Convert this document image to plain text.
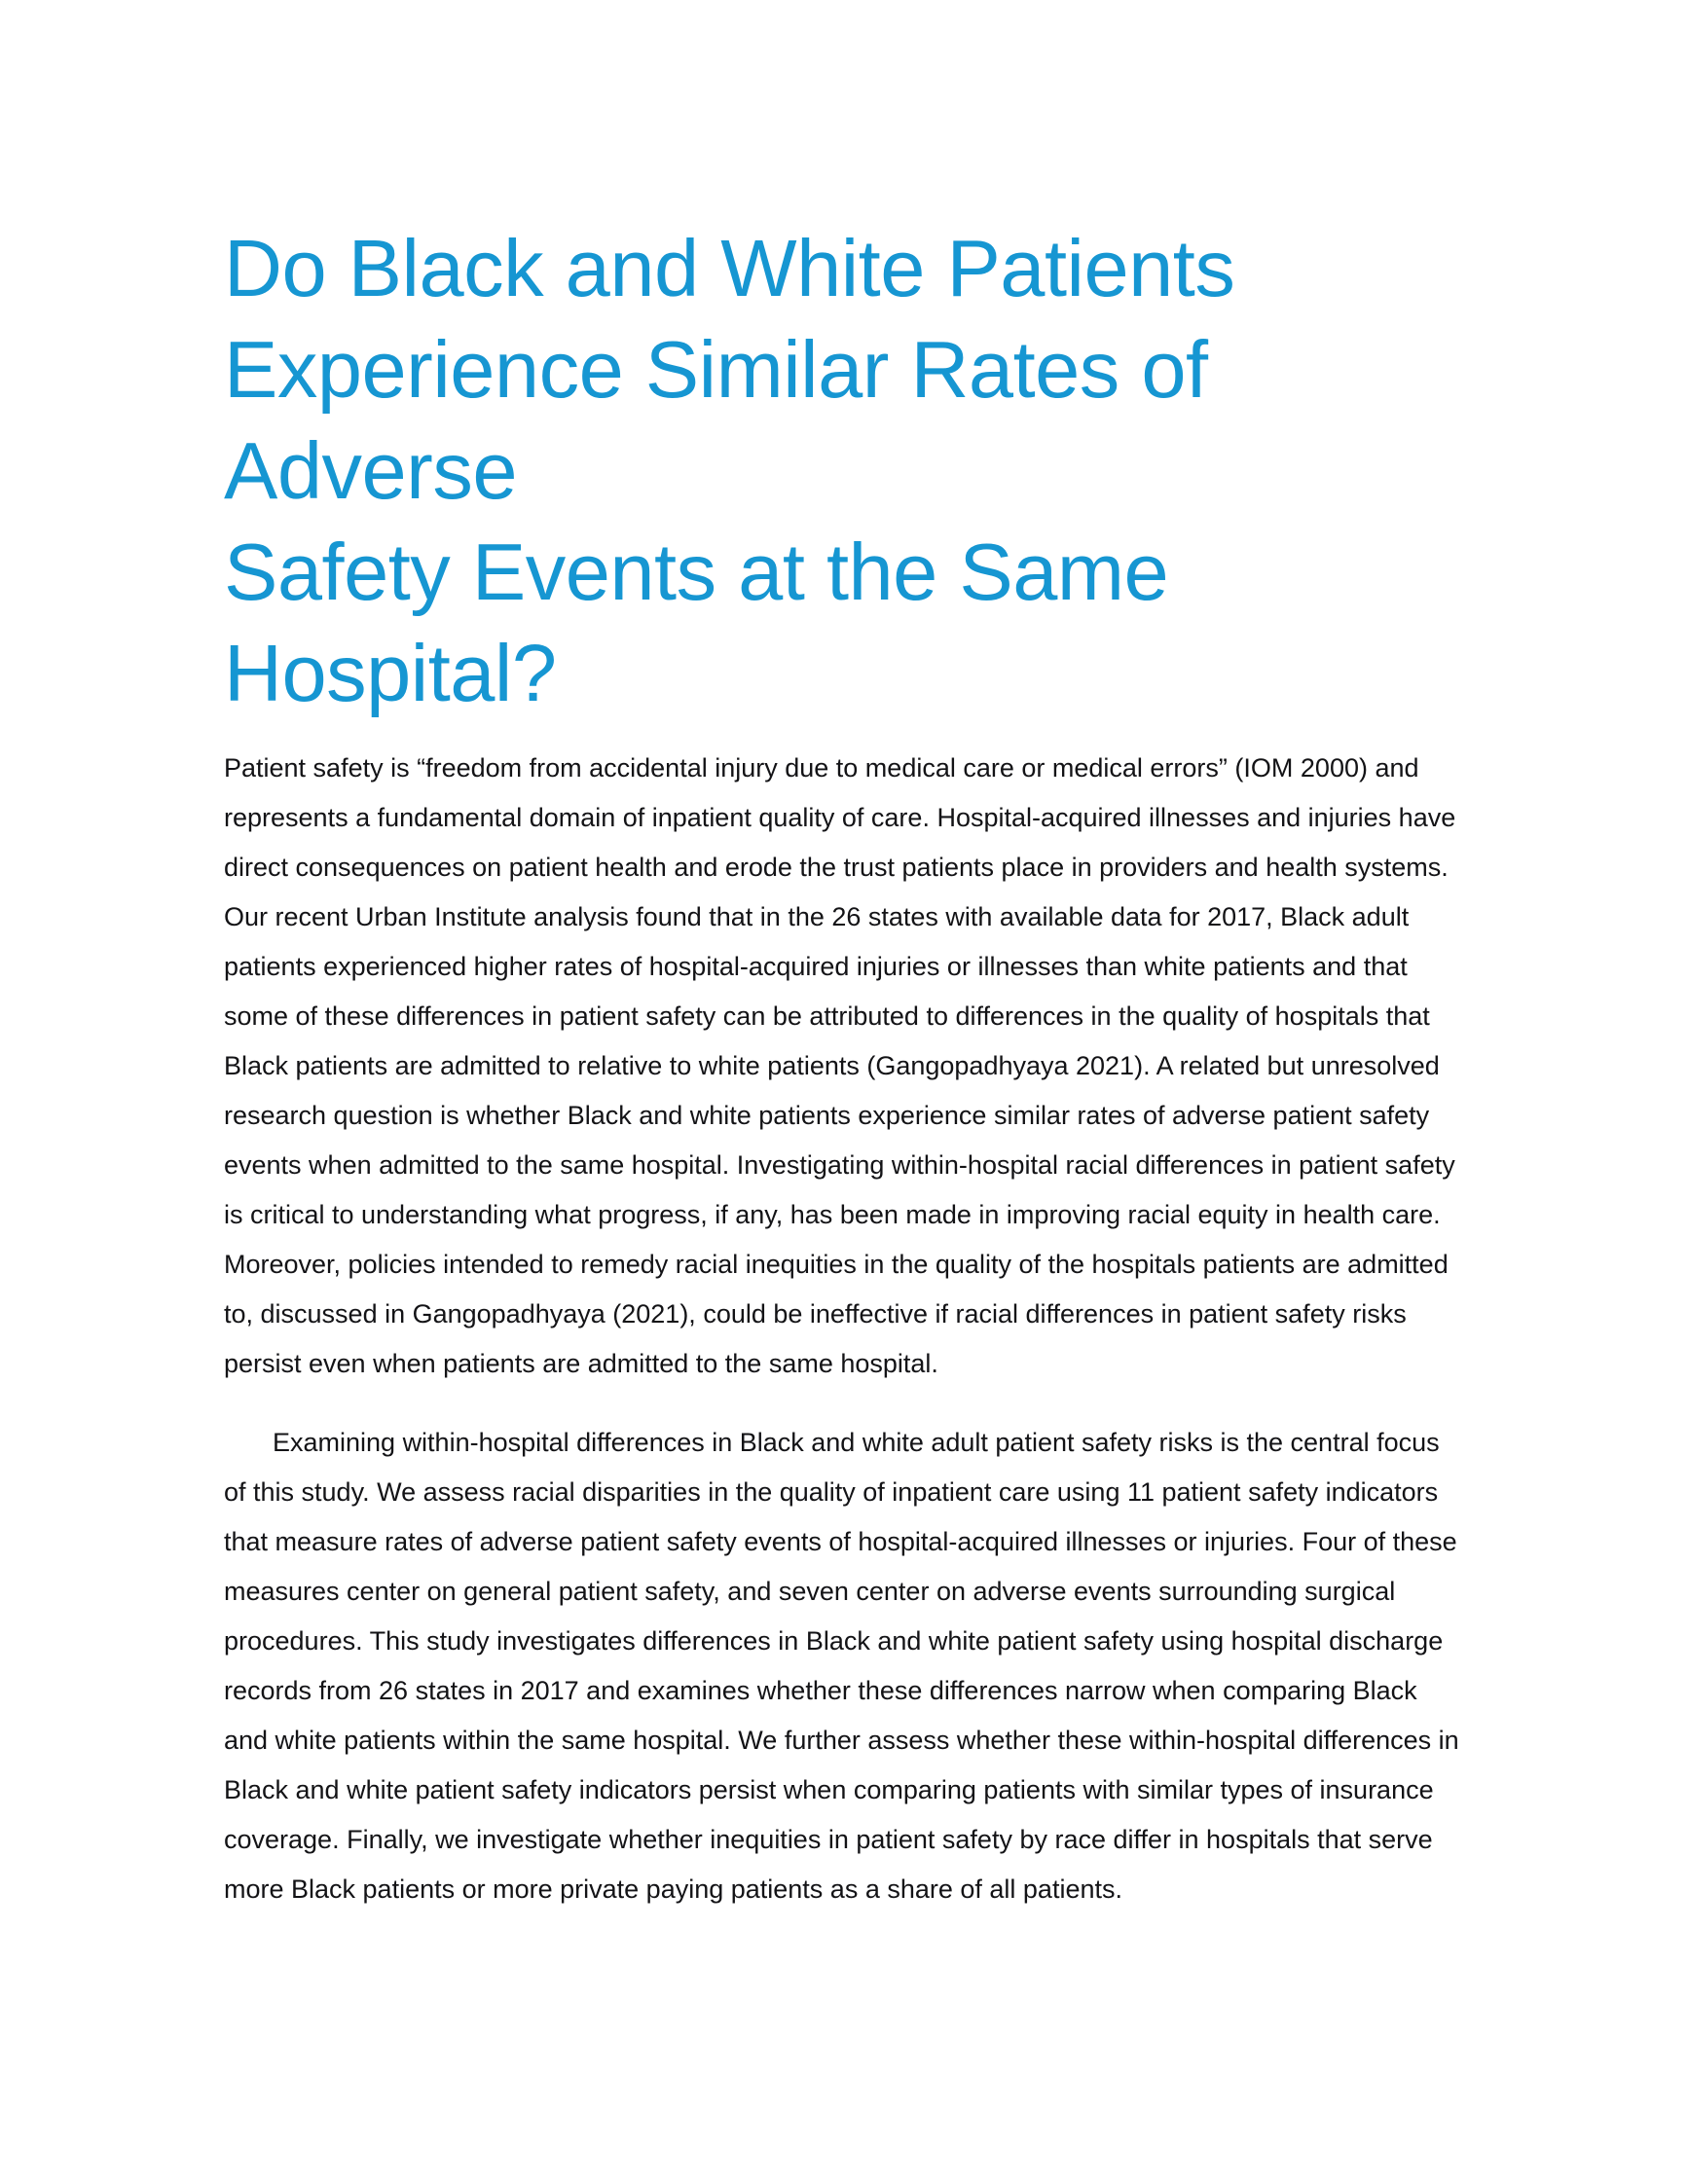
Do Black and White Patients
Experience Similar Rates of Adverse
Safety Events at the Same Hospital?

Patient safety is “freedom from accidental injury due to medical care or medical errors” (IOM 2000) and represents a fundamental domain of inpatient quality of care. Hospital-acquired illnesses and injuries have direct consequences on patient health and erode the trust patients place in providers and health systems. Our recent Urban Institute analysis found that in the 26 states with available data for 2017, Black adult patients experienced higher rates of hospital-acquired injuries or illnesses than white patients and that some of these differences in patient safety can be attributed to differences in the quality of hospitals that Black patients are admitted to relative to white patients (Gangopadhyaya 2021). A related but unresolved research question is whether Black and white patients experience similar rates of adverse patient safety events when admitted to the same hospital. Investigating within-hospital racial differences in patient safety is critical to understanding what progress, if any, has been made in improving racial equity in health care. Moreover, policies intended to remedy racial inequities in the quality of the hospitals patients are admitted to, discussed in Gangopadhyaya (2021), could be ineffective if racial differences in patient safety risks persist even when patients are admitted to the same hospital.

Examining within-hospital differences in Black and white adult patient safety risks is the central focus of this study. We assess racial disparities in the quality of inpatient care using 11 patient safety indicators that measure rates of adverse patient safety events of hospital-acquired illnesses or injuries. Four of these measures center on general patient safety, and seven center on adverse events surrounding surgical procedures. This study investigates differences in Black and white patient safety using hospital discharge records from 26 states in 2017 and examines whether these differences narrow when comparing Black and white patients within the same hospital. We further assess whether these within-hospital differences in Black and white patient safety indicators persist when comparing patients with similar types of insurance coverage. Finally, we investigate whether inequities in patient safety by race differ in hospitals that serve more Black patients or more private paying patients as a share of all patients.
